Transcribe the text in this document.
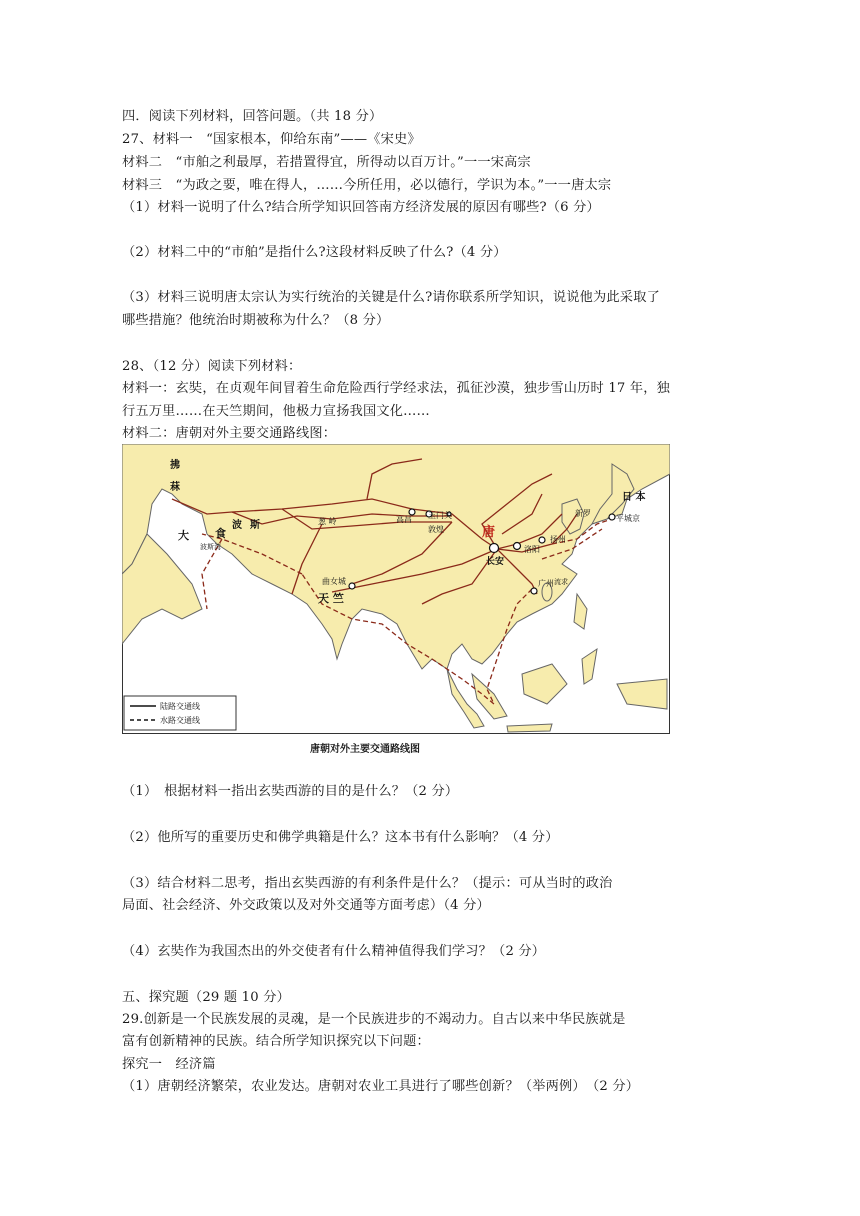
四．阅读下列材料，回答问题。（共 18 分）
27、材料一　“国家根本，仰给东南”——《宋史》
材料二　“市舶之利最厚，若措置得宜，所得动以百万计。”一一宋高宗
材料三　“为政之要，唯在得人，……今所任用，必以德行，学识为本。”一一唐太宗
（1）材料一说明了什么?结合所学知识回答南方经济发展的原因有哪些?（6 分）
（2）材料二中的“市舶”是指什么?这段材料反映了什么?（4 分）
（3）材料三说明唐太宗认为实行统治的关键是什么?请你联系所学知识，说说他为此采取了
哪些措施？他统治时期被称为什么？（8 分）
28、（12 分）阅读下列材料：
材料一：玄奘，在贞观年间冒着生命危险西行学经求法，孤征沙漠，独步雪山历时 17 年，独
行五万里……在天竺期间，他极力宣扬我国文化……
材料二：唐朝对外主要交通路线图：
拂
菻
大 食
波 斯	葱 岭	高昌 玉门关
敦煌	唐
长安
洛阳
扬州
广州
新罗
日 本
平城京
曲女城
天 竺
流求
波斯湾
陆路交通线
水路交通线
唐朝对外主要交通路线图
（1）　根据材料一指出玄奘西游的目的是什么？（2 分）
（2）他所写的重要历史和佛学典籍是什么？这本书有什么影响？（4 分）
（3）结合材料二思考，指出玄奘西游的有利条件是什么？（提示：可从当时的政治
局面、社会经济、外交政策以及对外交通等方面考虑）（4 分）
（4）玄奘作为我国杰出的外交使者有什么精神值得我们学习？（2 分）
五、探究题（29 题 10 分）
29.创新是一个民族发展的灵魂，是一个民族进步的不竭动力。自古以来中华民族就是
富有创新精神的民族。结合所学知识探究以下问题：
探究一　经济篇
（1）唐朝经济繁荣，农业发达。唐朝对农业工具进行了哪些创新？（举两例）　（2 分）
